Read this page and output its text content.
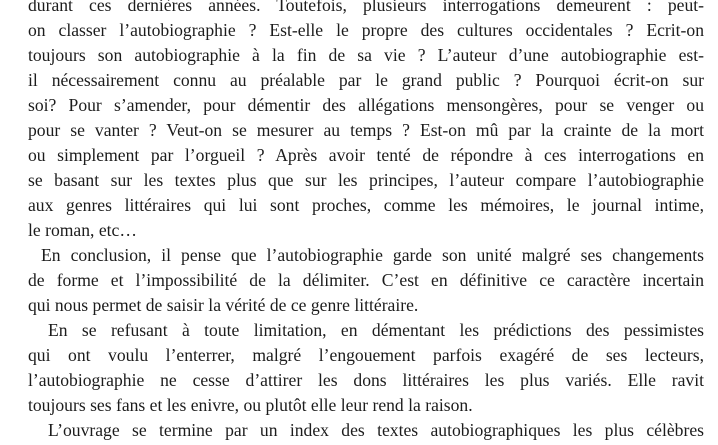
durant ces dernières années. Toutefois, plusieurs interrogations demeurent : peut-
on classer l’autobiographie ? Est-elle le propre des cultures occidentales ? Ecrit-on
toujours son autobiographie à la fin de sa vie ? L’auteur d’une autobiographie est-
il nécessairement connu au préalable par le grand public ? Pourquoi écrit-on sur
soi? Pour s’amender, pour démentir des allégations mensongères, pour se venger ou
pour se vanter ? Veut-on se mesurer au temps ? Est-on mû par la crainte de la mort
ou simplement par l’orgueil ? Après avoir tenté de répondre à ces interrogations en
se basant sur les textes plus que sur les principes, l’auteur compare l’autobiographie
aux genres littéraires qui lui sont proches, comme les mémoires, le journal intime,
le roman, etc…
En conclusion, il pense que l’autobiographie garde son unité malgré ses changements
de forme et l’impossibilité de la délimiter. C’est en définitive ce caractère incertain
qui nous permet de saisir la vérité de ce genre littéraire.
En se refusant à toute limitation, en démentant les prédictions des pessimistes
qui ont voulu l’enterrer, malgré l’engouement parfois exagéré de ses lecteurs,
l’autobiographie ne cesse d’attirer les dons littéraires les plus variés. Elle ravit
toujours ses fans et les enivre, ou plutôt elle leur rend la raison.
L’ouvrage se termine par un index des textes autobiographiques les plus célèbres
